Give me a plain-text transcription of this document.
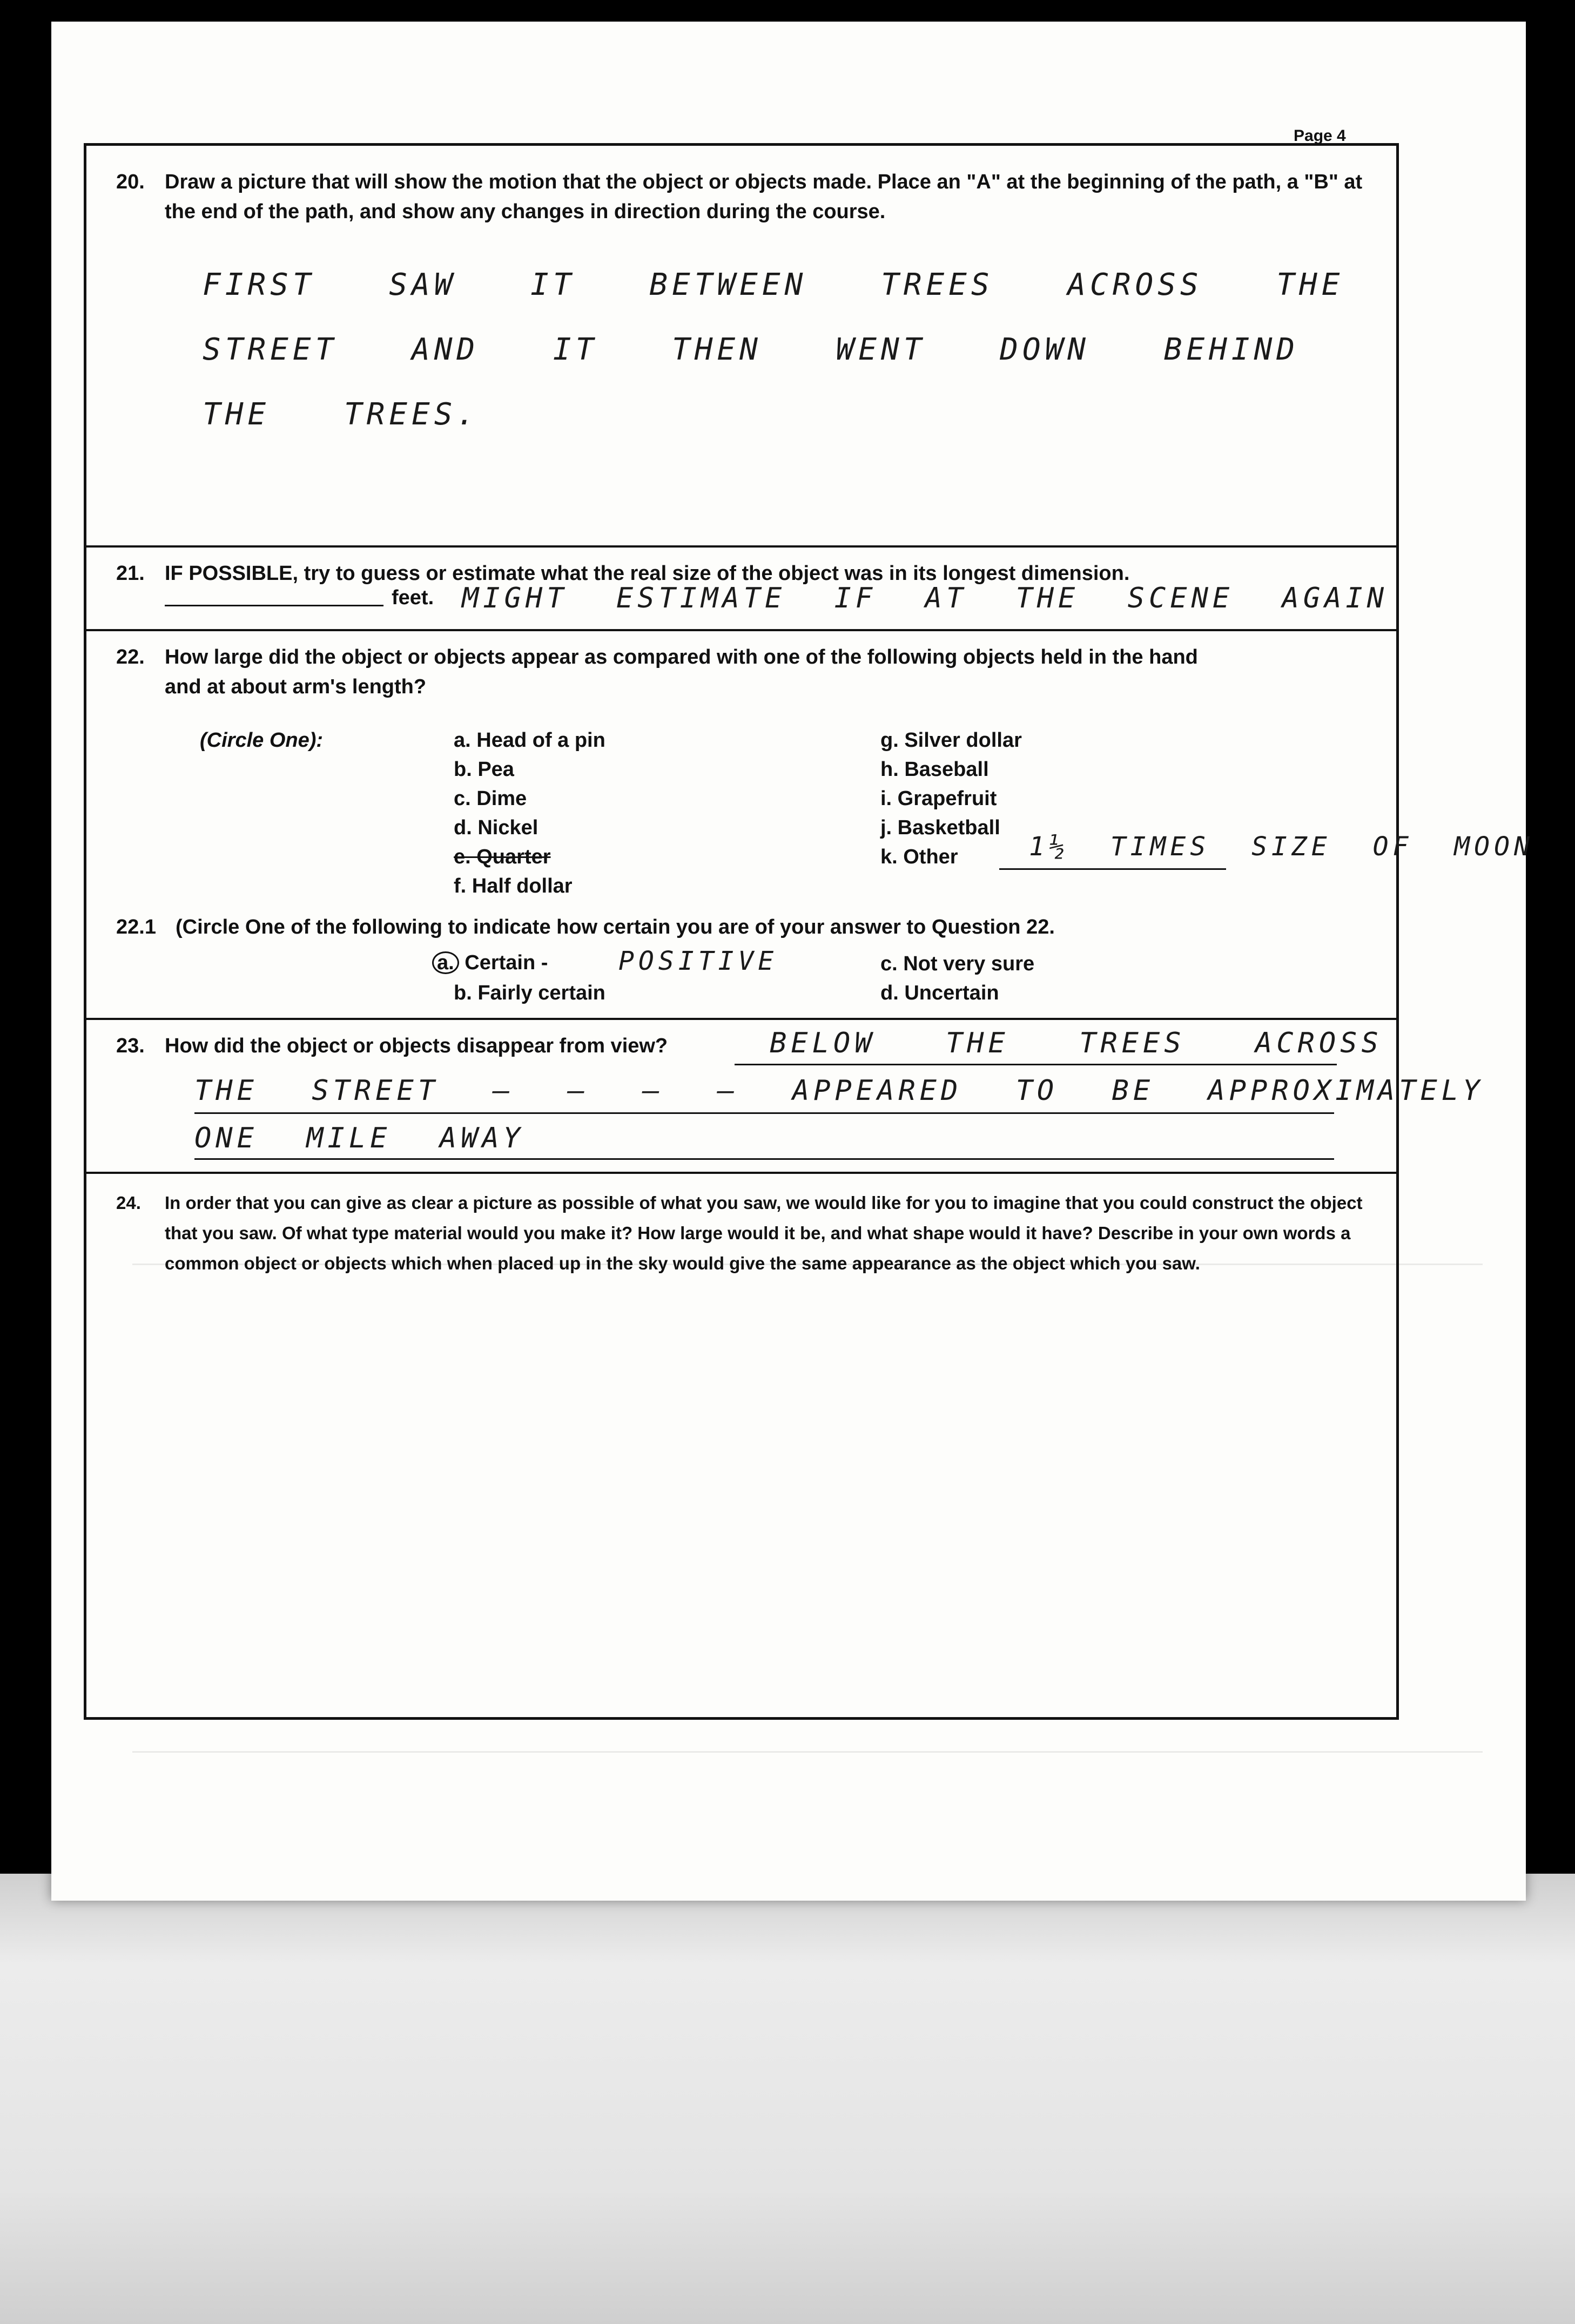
Page 4
20. Draw a picture that will show the motion that the object or objects made. Place an "A" at the beginning of the path, a "B" at the end of the path, and show any changes in direction during the course.
FIRST SAW IT BETWEEN TREES ACROSS THE
STREET AND IT THEN WENT DOWN BEHIND
THE TREES.
21. IF POSSIBLE, try to guess or estimate what the real size of the object was in its longest dimension.
feet. MIGHT ESTIMATE IF AT THE SCENE AGAIN
22. How large did the object or objects appear as compared with one of the following objects held in the hand
and at about arm's length?
(Circle One):	a. Head of a pin
b. Pea
c. Dime
d. Nickel
e. Quarter
f. Half dollar
g. Silver dollar
h. Baseball
i. Grapefruit
j. Basketball
k. Other	1½ TIMES SIZE OF MOON
22.1 (Circle One of the following to indicate how certain you are of your answer to Question 22.
a. Certain -	POSITIVE
b. Fairly certain
c. Not very sure
d. Uncertain
23. How did the object or objects disappear from view?	BELOW THE TREES ACROSS
THE STREET — — — — APPEARED TO BE APPROXIMATELY
ONE MILE AWAY
24. In order that you can give as clear a picture as possible of what you saw, we would like for you to imagine that you could construct the object that you saw. Of what type material would you make it? How large would it be, and what shape would it have? Describe in your own words a common object or objects which when placed up in the sky would give the same appearance as the object which you saw.
